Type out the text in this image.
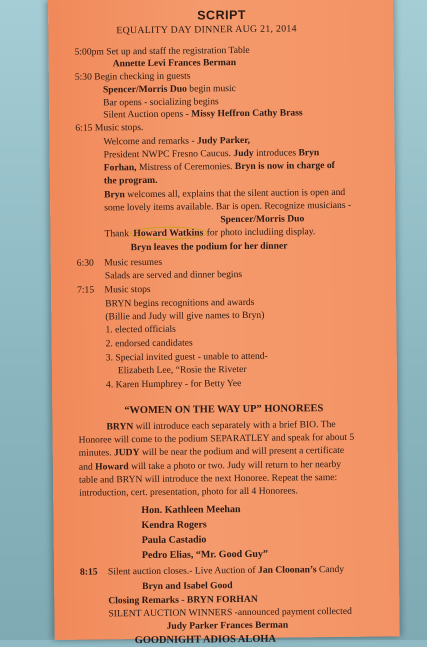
SCRIPT
EQUALITY DAY DINNER AUG 21, 2014
5:00pm Set up and staff the registration Table
Annette Levi Frances Berman
5:30 Begin checking in guests
Spencer/Morris Duo begin music
Bar opens - socializing begins
Silent Auction opens - Missy Heffron Cathy Brass
6:15 Music stops.
Welcome and remarks - Judy Parker,
President NWPC Fresno Caucus. Judy introduces Bryn
Forhan, Mistress of Ceremonies. Bryn is now in charge of
the program.
Bryn welcomes all, explains that the silent auction is open and
some lovely items available. Bar is open. Recognize musicians -
Spencer/Morris Duo
Thank Howard Watkins for photo includiing display.
Bryn leaves the podium for her dinner
6:30 Music resumes
Salads are served and dinner begins
7:15 Music stops
BRYN begins recognitions and awards
(Billie and Judy will give names to Bryn)
1. elected officials
2. endorsed candidates
3. Special invited guest - unable to attend-
Elizabeth Lee, “Rosie the Riveter
4. Karen Humphrey - for Betty Yee
“WOMEN ON THE WAY UP” HONOREES
BRYN will introduce each separately with a brief BIO. The
Honoree will come to the podium SEPARATLEY and speak for about 5
minutes. JUDY will be near the podium and will present a certificate
and Howard will take a photo or two. Judy will return to her nearby
table and BRYN will introduce the next Honoree. Repeat the same:
introduction, cert. presentation, photo for all 4 Honorees.
Hon. Kathleen Meehan
Kendra Rogers
Paula Castadio
Pedro Elias, “Mr. Good Guy”
8:15 Silent auction closes.- Live Auction of Jan Cloonan’s Candy
Bryn and Isabel Good
Closing Remarks - BRYN FORHAN
SILENT AUCTION WINNERS -announced payment collected
Judy Parker Frances Berman
GOODNIGHT ADIOS ALOHA
